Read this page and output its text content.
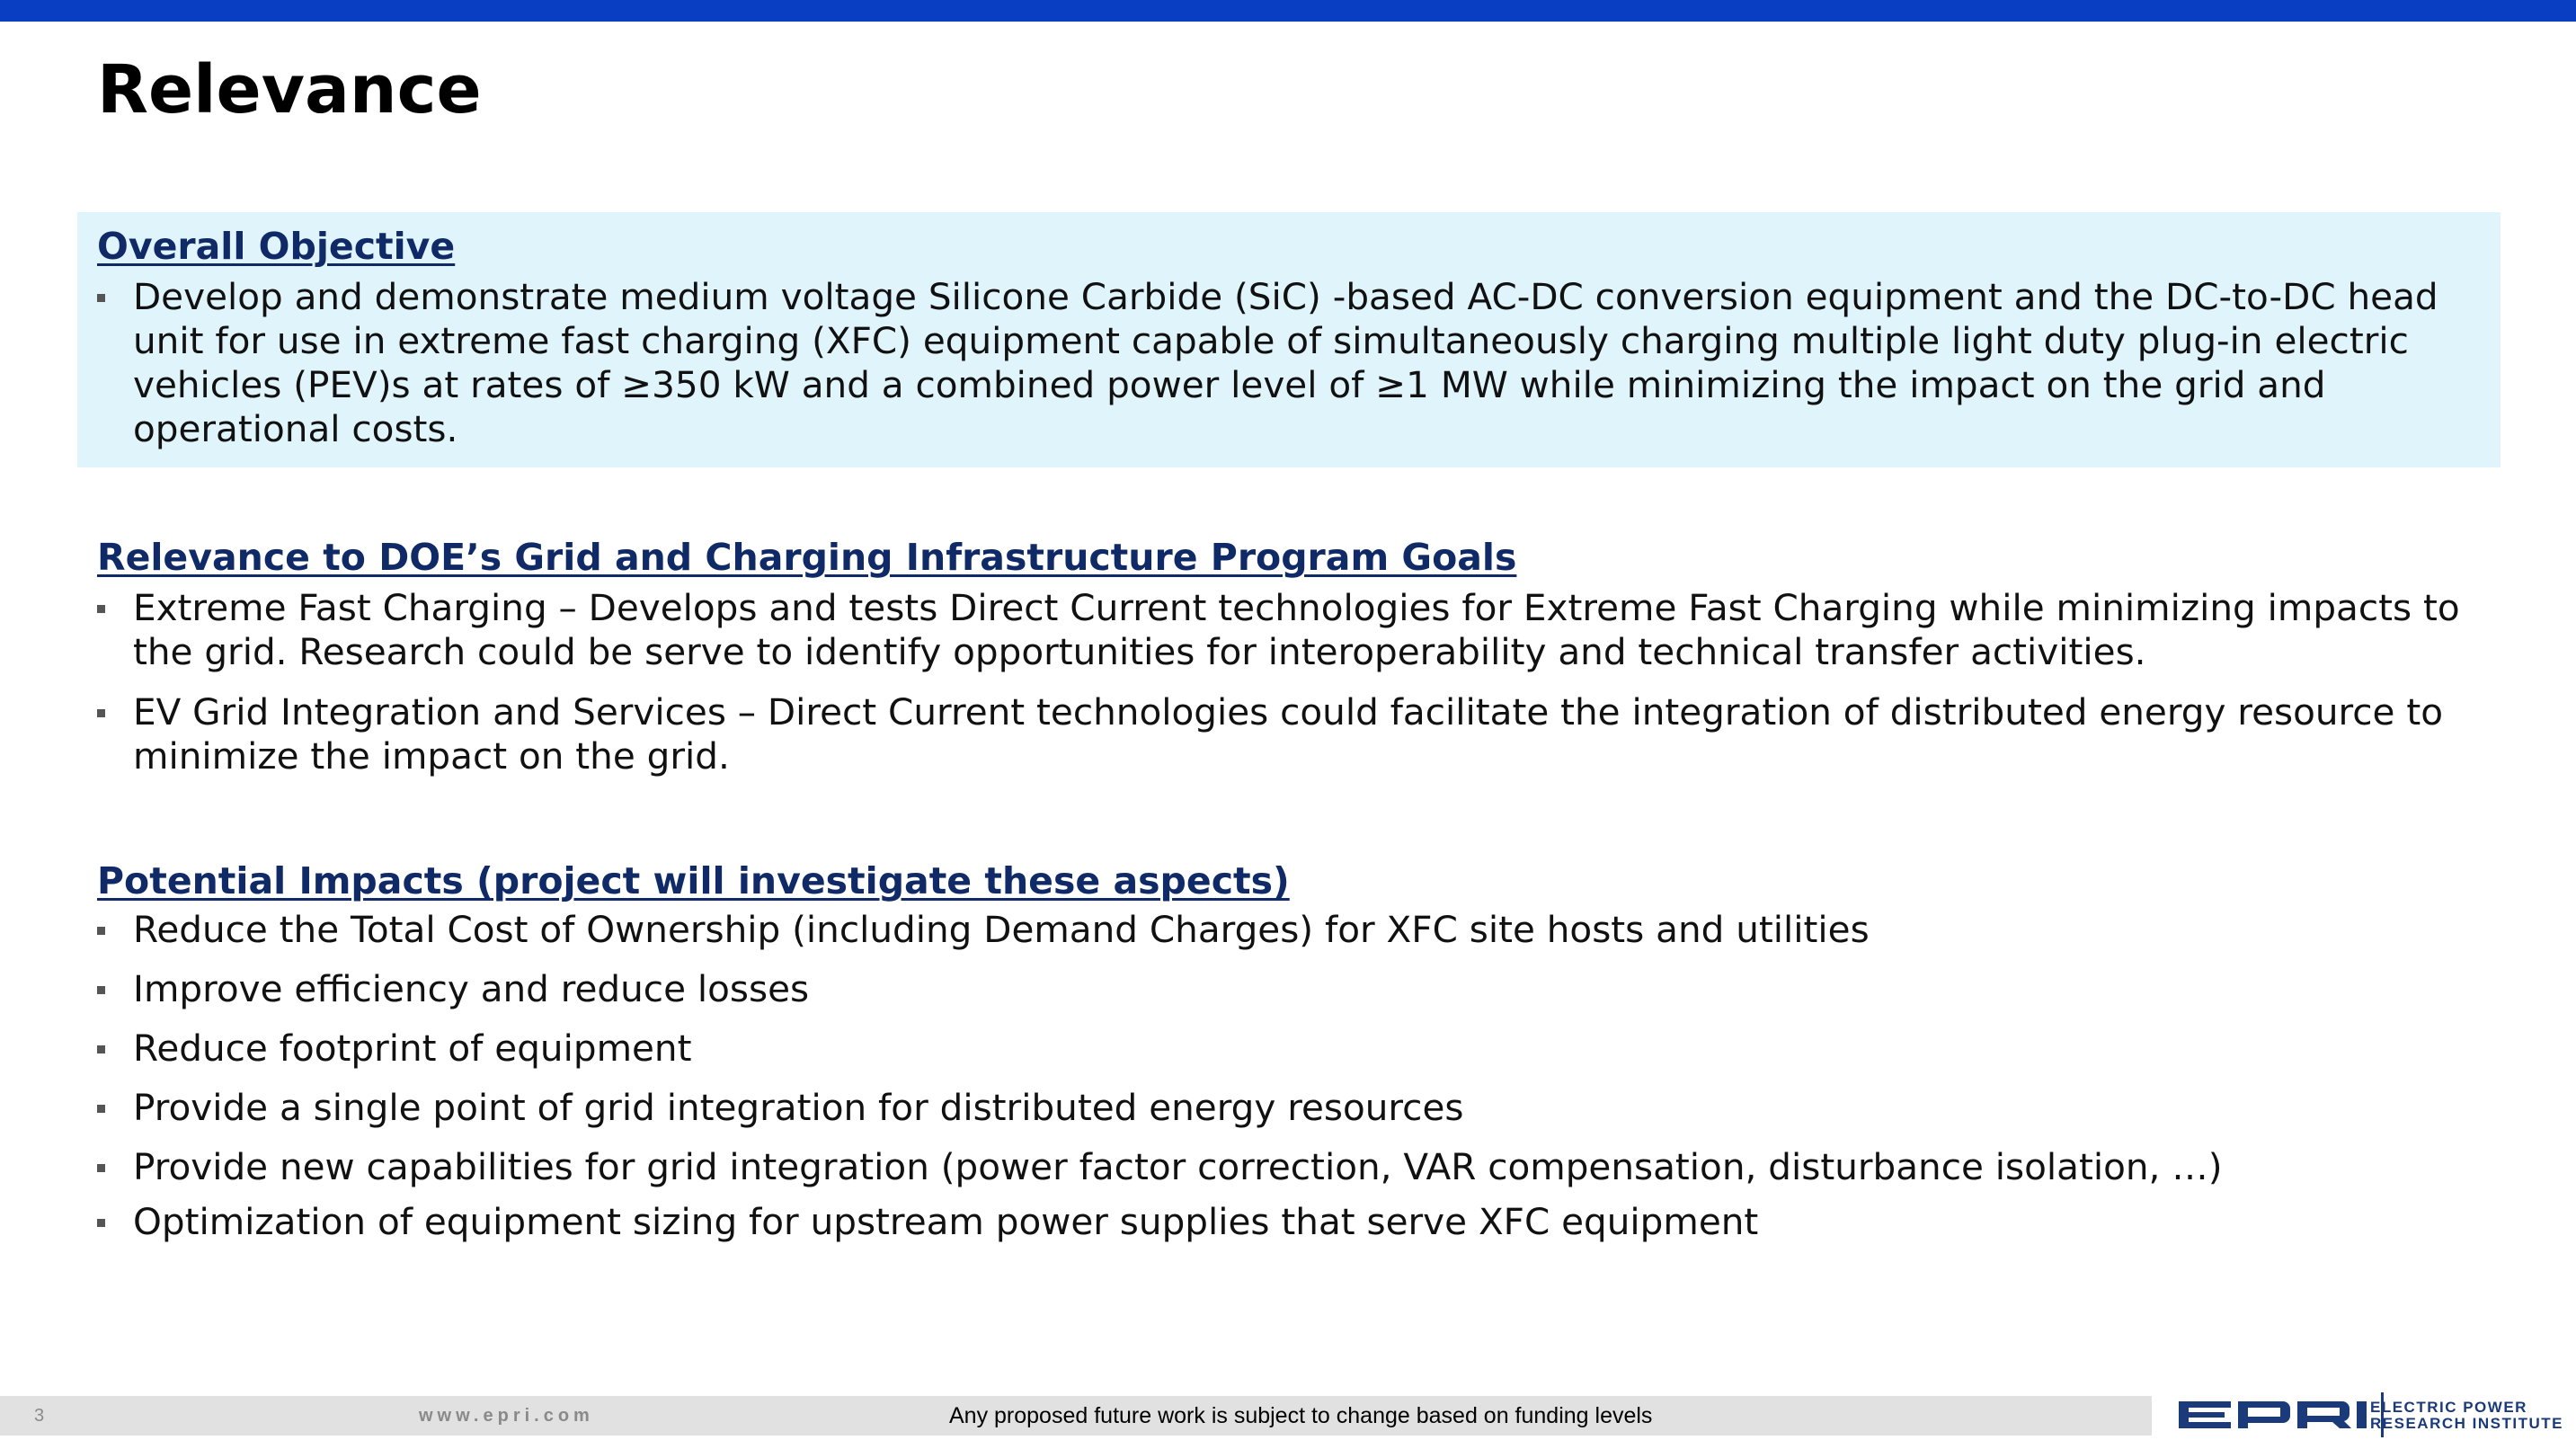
Relevance
Overall Objective
Develop and demonstrate medium voltage Silicone Carbide (SiC) -based AC-DC conversion equipment and the DC-to-DC head unit for use in extreme fast charging (XFC) equipment capable of simultaneously charging multiple light duty plug-in electric vehicles (PEV)s at rates of ≥350 kW and a combined power level of ≥1 MW while minimizing the impact on the grid and operational costs.
Relevance to DOE’s Grid and Charging Infrastructure Program Goals
Extreme Fast Charging – Develops and tests Direct Current technologies for Extreme Fast Charging while minimizing impacts to the grid. Research could be serve to identify opportunities for interoperability and technical transfer activities.
EV Grid Integration and Services – Direct Current technologies could facilitate the integration of distributed energy resource to minimize the impact on the grid.
Potential Impacts (project will investigate these aspects)
Reduce the Total Cost of Ownership (including Demand Charges) for XFC site hosts and utilities
Improve efficiency and reduce losses
Reduce footprint of equipment
Provide a single point of grid integration for distributed energy resources
Provide new capabilities for grid integration (power factor correction, VAR compensation, disturbance isolation, …)
Optimization of equipment sizing for upstream power supplies that serve XFC equipment
3	www.epri.com	Any proposed future work is subject to change based on funding levels	ELECTRIC POWER
RESEARCH INSTITUTE
